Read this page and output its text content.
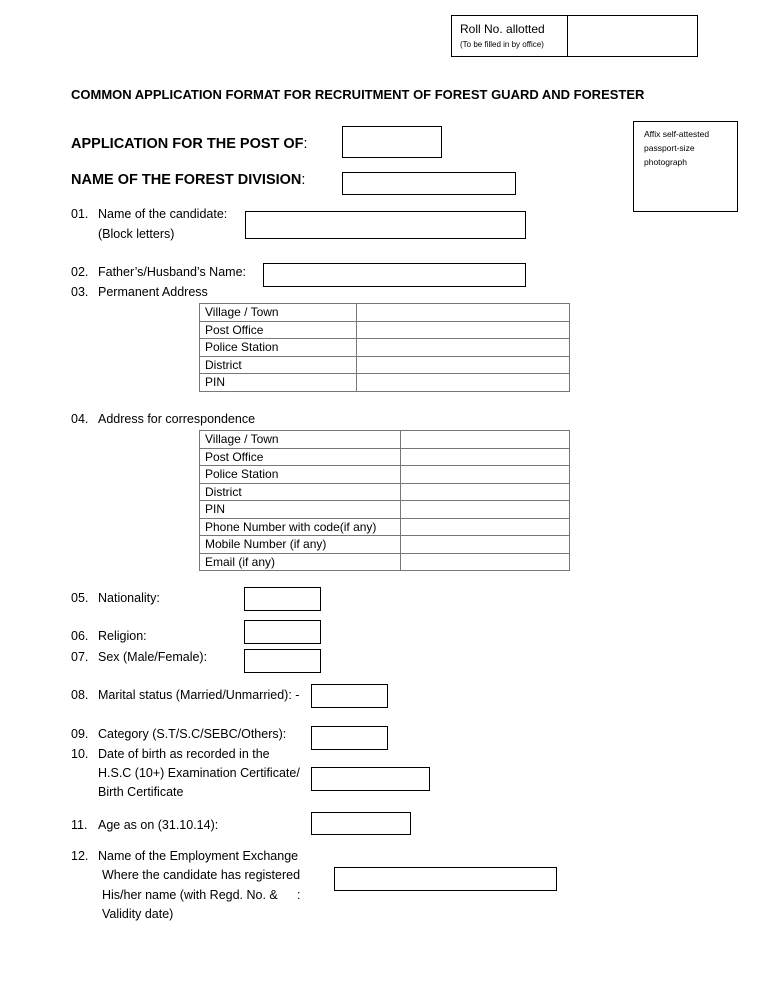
Roll No. allotted
(To be filled in by office)
COMMON APPLICATION FORMAT FOR RECRUITMENT OF FOREST GUARD AND FORESTER
Affix self-attested
passport-size
photograph
APPLICATION FOR THE POST OF:
NAME OF THE FOREST DIVISION:
01. Name of the candidate:
(Block letters)
02. Father’s/Husband’s Name:
03. Permanent Address
Village / Town	
Post Office	
Police Station	
District	
PIN	
04. Address for correspondence
Village / Town	
Post Office	
Police Station	
District	
PIN	
Phone Number with code(if any)	
Mobile Number (if any)	
Email (if any)	
05. Nationality:
06. Religion:
07. Sex (Male/Female):
08. Marital status (Married/Unmarried): -
09. Category (S.T/S.C/SEBC/Others):
10. Date of birth as recorded in the
H.S.C (10+) Examination Certificate/
Birth Certificate
11. Age as on (31.10.14):
12. Name of the Employment Exchange
Where the candidate has registered
His/her name (with Regd. No. & :
Validity date)
